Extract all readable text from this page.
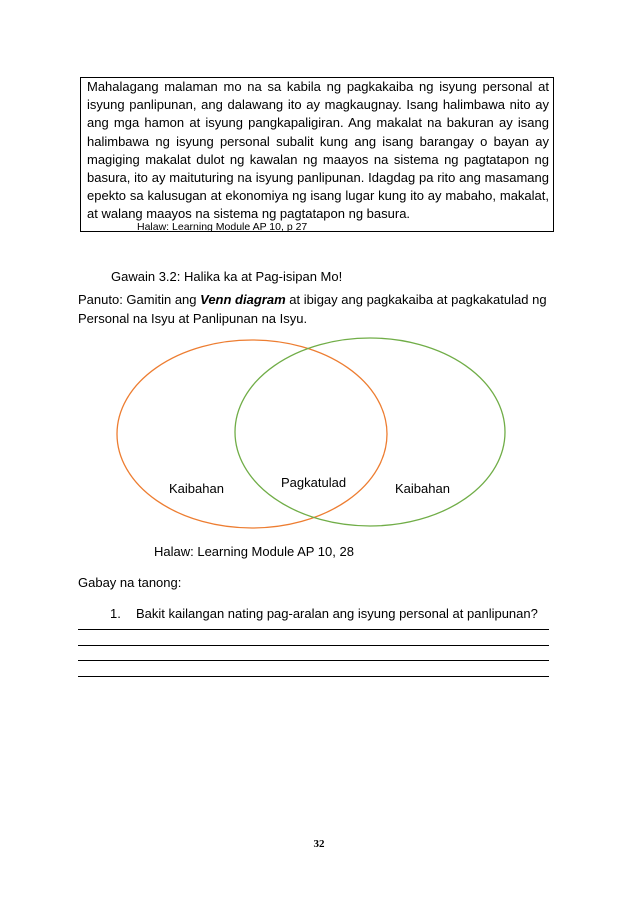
Mahalagang malaman mo na sa kabila ng pagkakaiba ng isyung personal at isyung panlipunan, ang dalawang ito ay magkaugnay. Isang halimbawa nito ay ang mga hamon at isyung pangkapaligiran. Ang makalat na bakuran ay isang halimbawa ng isyung personal subalit kung ang isang barangay o bayan ay magiging makalat dulot ng kawalan ng maayos na sistema ng pagtatapon ng basura, ito ay maituturing na isyung panlipunan. Idagdag pa rito ang masamang epekto sa kalusugan at ekonomiya ng isang lugar kung ito ay mabaho, makalat, at walang maayos na sistema ng pagtatapon ng basura.

Halaw: Learning Module AP 10, p 27
Gawain 3.2: Halika ka at Pag-isipan Mo!
Panuto: Gamitin ang Venn diagram at ibigay ang pagkakaiba at pagkakatulad ng Personal na Isyu at Panlipunan na Isyu.
Kaibahan	Pagkatulad	Kaibahan
Halaw: Learning Module AP 10, 28
Gabay na tanong:
1. Bakit kailangan nating pag-aralan ang isyung personal at panlipunan?
32
